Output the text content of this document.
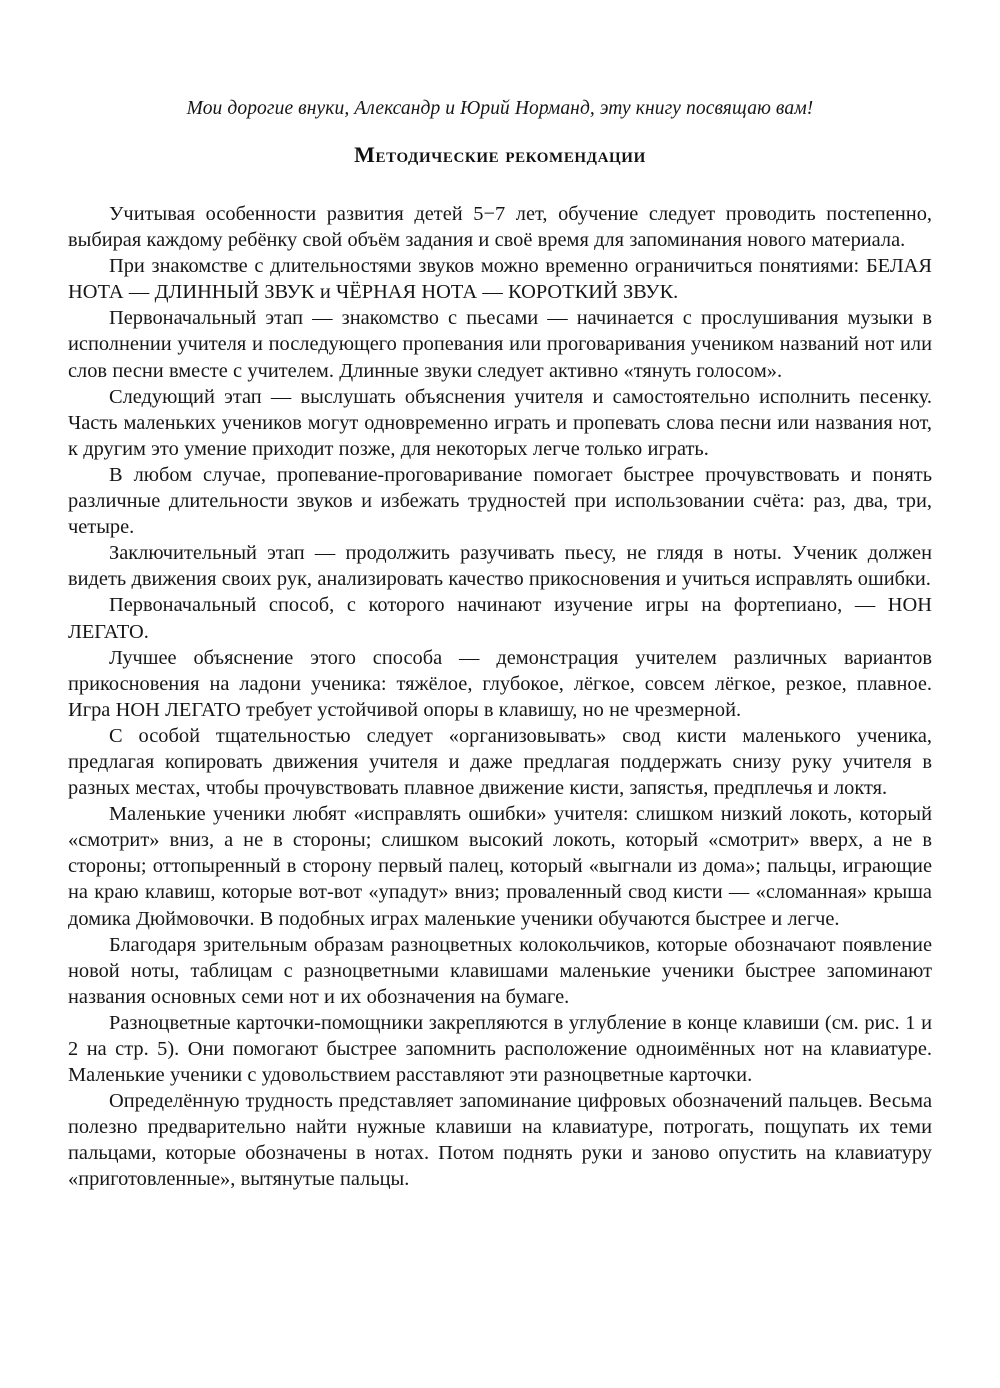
Мои дорогие внуки, Александр и Юрий Норманд, эту книгу посвящаю вам!

Методические рекомендации

Учитывая особенности развития детей 5−7 лет, обучение следует проводить постепенно, выбирая каждому ребёнку свой объём задания и своё время для запоминания нового материала.

При знакомстве с длительностями звуков можно временно ограничиться понятиями: БЕЛАЯ НОТА — ДЛИННЫЙ ЗВУК и ЧЁРНАЯ НОТА — КОРОТКИЙ ЗВУК.

Первоначальный этап — знакомство с пьесами — начинается с прослушивания музыки в исполнении учителя и последующего пропевания или проговаривания учеником названий нот или слов песни вместе с учителем. Длинные звуки следует активно «тянуть голосом».

Следующий этап — выслушать объяснения учителя и самостоятельно исполнить песенку. Часть маленьких учеников могут одновременно играть и пропевать слова песни или названия нот, к другим это умение приходит позже, для некоторых легче только играть.

В любом случае, пропевание-проговаривание помогает быстрее прочувствовать и понять различные длительности звуков и избежать трудностей при использовании счёта: раз, два, три, четыре.

Заключительный этап — продолжить разучивать пьесу, не глядя в ноты. Ученик должен видеть движения своих рук, анализировать качество прикосновения и учиться исправлять ошибки.

Первоначальный способ, с которого начинают изучение игры на фортепиано, — НОН ЛЕГАТО.

Лучшее объяснение этого способа — демонстрация учителем различных вариантов прикосновения на ладони ученика: тяжёлое, глубокое, лёгкое, совсем лёгкое, резкое, плавное. Игра НОН ЛЕГАТО требует устойчивой опоры в клавишу, но не чрезмерной.

С особой тщательностью следует «организовывать» свод кисти маленького ученика, предлагая копировать движения учителя и даже предлагая поддержать снизу руку учителя в разных местах, чтобы прочувствовать плавное движение кисти, запястья, предплечья и локтя.

Маленькие ученики любят «исправлять ошибки» учителя: слишком низкий локоть, который «смотрит» вниз, а не в стороны; слишком высокий локоть, который «смотрит» вверх, а не в стороны; оттопыренный в сторону первый палец, который «выгнали из дома»; пальцы, играющие на краю клавиш, которые вот-вот «упадут» вниз; проваленный свод кисти — «сломанная» крыша домика Дюймовочки. В подобных играх маленькие ученики обучаются быстрее и легче.

Благодаря зрительным образам разноцветных колокольчиков, которые обозначают появление новой ноты, таблицам с разноцветными клавишами маленькие ученики быстрее запоминают названия основных семи нот и их обозначения на бумаге.

Разноцветные карточки-помощники закрепляются в углубление в конце клавиши (см. рис. 1 и 2 на стр. 5). Они помогают быстрее запомнить расположение одноимённых нот на клавиатуре. Маленькие ученики с удовольствием расставляют эти разноцветные карточки.

Определённую трудность представляет запоминание цифровых обозначений пальцев. Весьма полезно предварительно найти нужные клавиши на клавиатуре, потрогать, пощупать их теми пальцами, которые обозначены в нотах. Потом поднять руки и заново опустить на клавиатуру «приготовленные», вытянутые пальцы.
